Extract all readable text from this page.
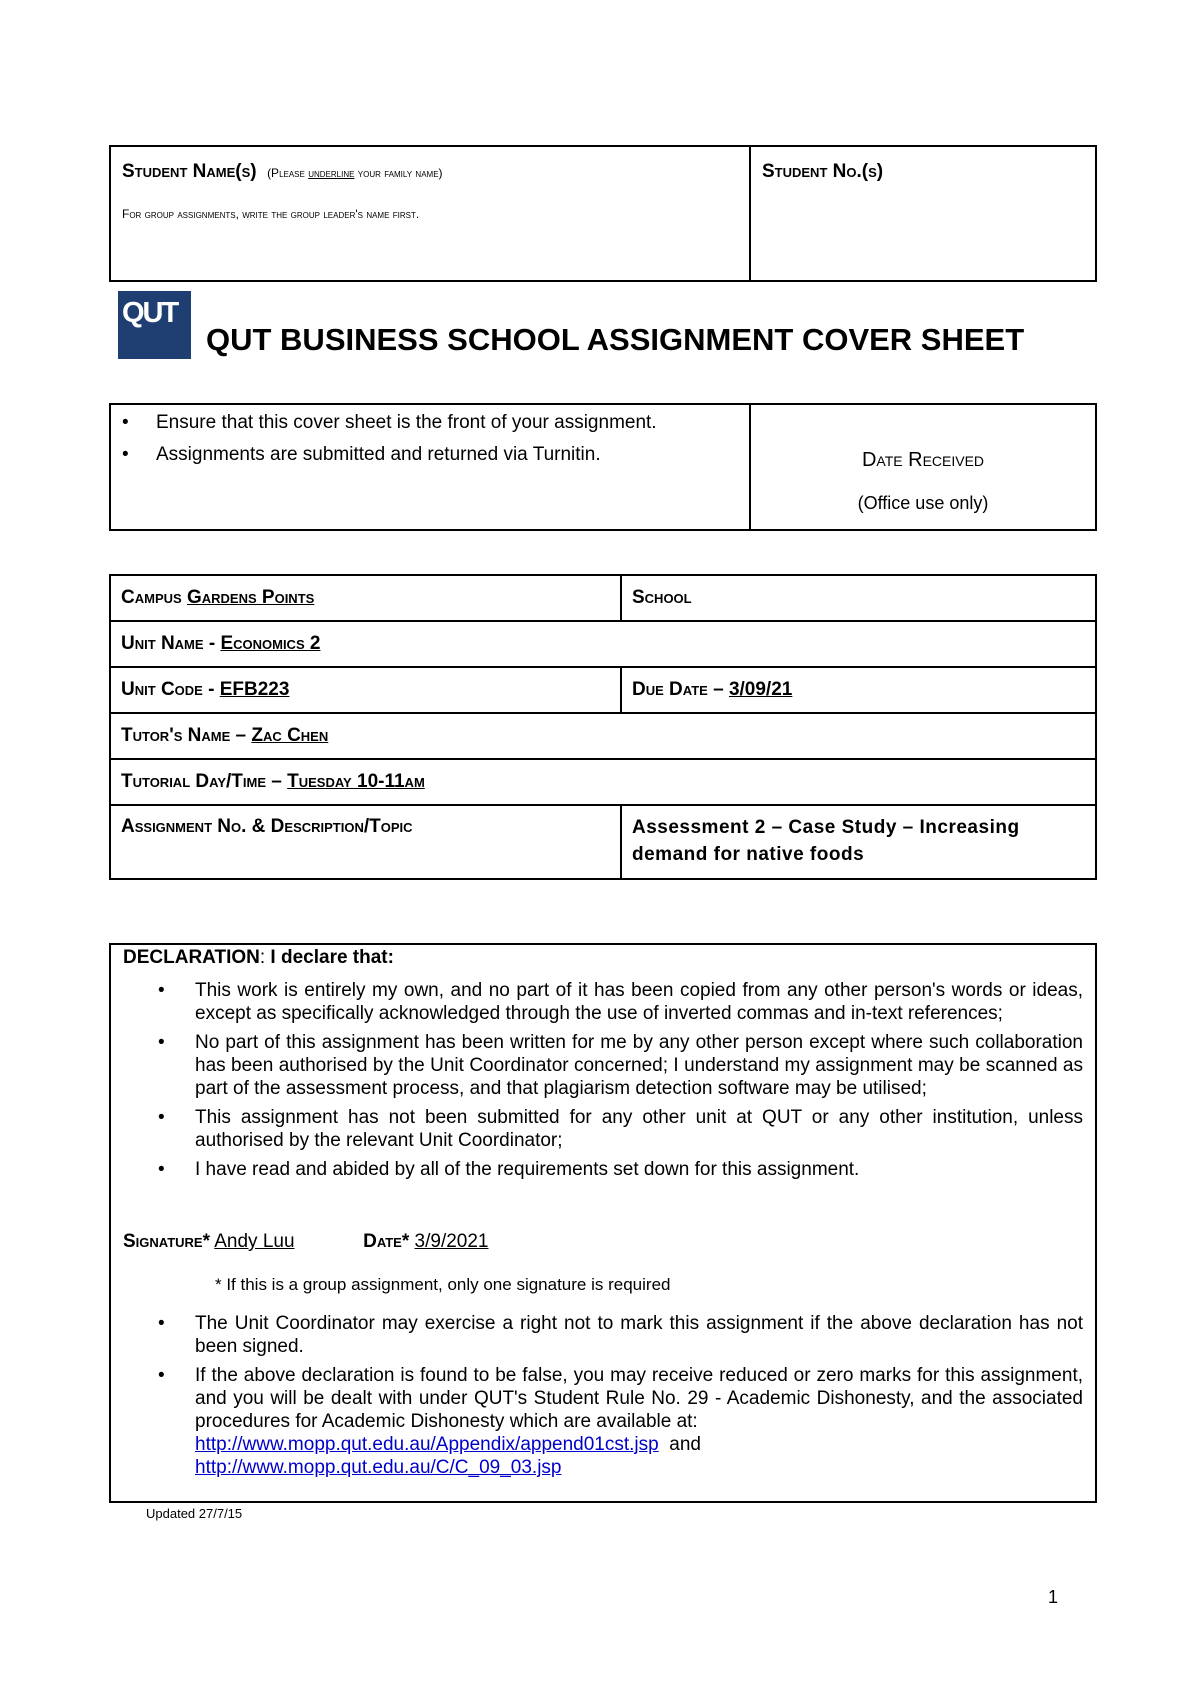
Student Name(s) (Please underline your family name)
For group assignments, write the group leader's name first.
Student No.(s)
QUT
QUT BUSINESS SCHOOL ASSIGNMENT COVER SHEET
• Ensure that this cover sheet is the front of your assignment.
• Assignments are submitted and returned via Turnitin.	Date Received
(Office use only)
Campus Gardens Points	School
Unit Name - Economics 2	
Unit Code - EFB223	Due Date – 3/09/21
Tutor's Name – Zac Chen	
Tutorial Day/Time – Tuesday 10-11am	
Assignment No. & Description/Topic	Assessment 2 – Case Study – Increasing demand for native foods
DECLARATION: I declare that:
• This work is entirely my own, and no part of it has been copied from any other person's words or ideas, except as specifically acknowledged through the use of inverted commas and in-text references;
• No part of this assignment has been written for me by any other person except where such collaboration has been authorised by the Unit Coordinator concerned; I understand my assignment may be scanned as part of the assessment process, and that plagiarism detection software may be utilised;
• This assignment has not been submitted for any other unit at QUT or any other institution, unless authorised by the relevant Unit Coordinator;
• I have read and abided by all of the requirements set down for this assignment.
Signature* Andy Luu	Date* 3/9/2021
* If this is a group assignment, only one signature is required
• The Unit Coordinator may exercise a right not to mark this assignment if the above declaration has not been signed.
• If the above declaration is found to be false, you may receive reduced or zero marks for this assignment, and you will be dealt with under QUT's Student Rule No. 29 - Academic Dishonesty, and the associated procedures for Academic Dishonesty which are available at:
http://www.mopp.qut.edu.au/Appendix/append01cst.jsp and
http://www.mopp.qut.edu.au/C/C_09_03.jsp
Updated 27/7/15
1
